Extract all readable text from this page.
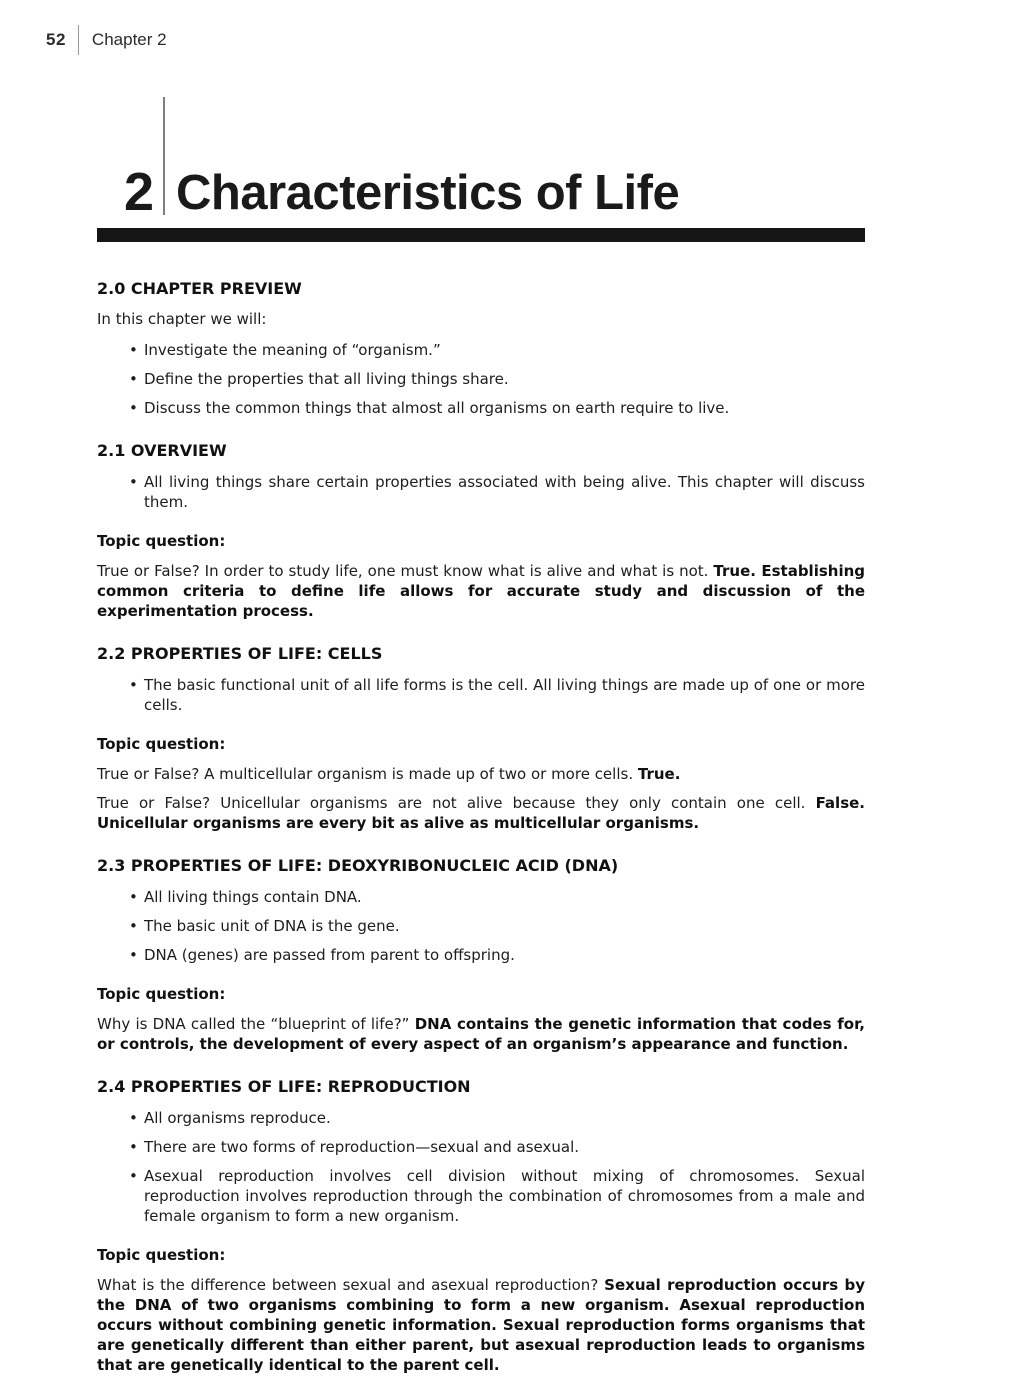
52 Chapter 2
2 Characteristics of Life
2.0 CHAPTER PREVIEW

In this chapter we will:

• Investigate the meaning of “organism.”
• Define the properties that all living things share.
• Discuss the common things that almost all organisms on earth require to live.
2.1 OVERVIEW
• All living things share certain properties associated with being alive. This chapter will discuss them.
Topic question:

True or False? In order to study life, one must know what is alive and what is not. True. Establishing common criteria to define life allows for accurate study and discussion of the experimentation process.

2.2 PROPERTIES OF LIFE: CELLS
• The basic functional unit of all life forms is the cell. All living things are made up of one or more cells.
Topic question:

True or False? A multicellular organism is made up of two or more cells. True.

True or False? Unicellular organisms are not alive because they only contain one cell. False. Unicellular organisms are every bit as alive as multicellular organisms.

2.3 PROPERTIES OF LIFE: DEOXYRIBONUCLEIC ACID (DNA)
• All living things contain DNA.
• The basic unit of DNA is the gene.
• DNA (genes) are passed from parent to offspring.
Topic question:

Why is DNA called the “blueprint of life?” DNA contains the genetic information that codes for, or controls, the development of every aspect of an organism’s appearance and function.

2.4 PROPERTIES OF LIFE: REPRODUCTION
• All organisms reproduce.
• There are two forms of reproduction—sexual and asexual.
• Asexual reproduction involves cell division without mixing of chromosomes. Sexual reproduction involves reproduction through the combination of chromosomes from a male and female organism to form a new organism.
Topic question:

What is the difference between sexual and asexual reproduction? Sexual reproduction occurs by the DNA of two organisms combining to form a new organism. Asexual reproduction occurs without combining genetic information. Sexual reproduction forms organisms that are genetically different than either parent, but asexual reproduction leads to organisms that are genetically identical to the parent cell.
